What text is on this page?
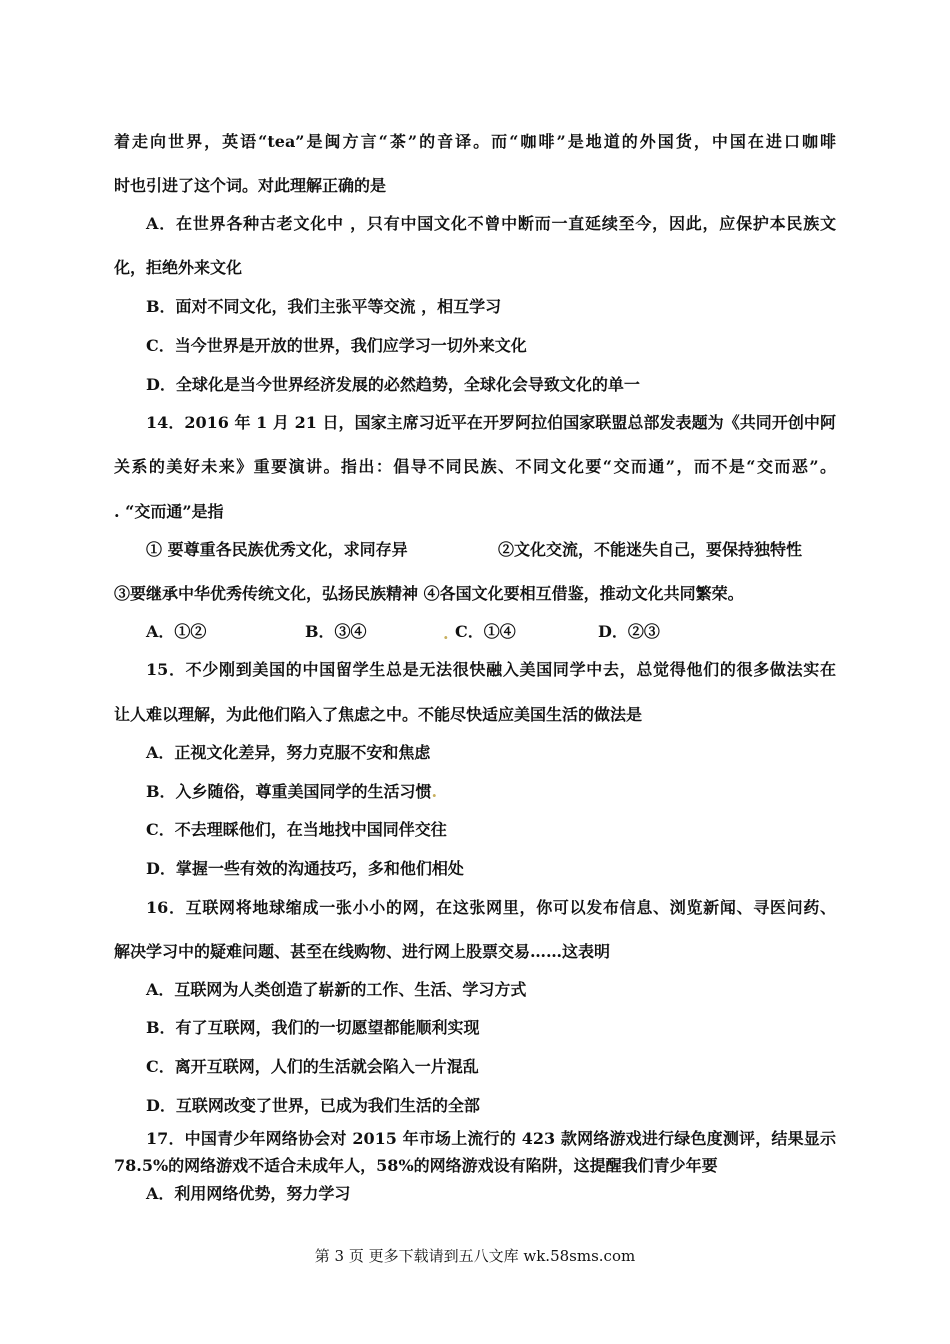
着走向世界，英语“tea”是闽方言“茶”的音译。而“咖啡”是地道的外国货，中国在进口咖啡
时也引进了这个词。对此理解正确的是
A．在世界各种古老文化中 ，只有中国文化不曾中断而一直延续至今，因此，应保护本民族文
化，拒绝外来文化
B．面对不同文化，我们主张平等交流 ，相互学习
C．当今世界是开放的世界，我们应学习一切外来文化
D．全球化是当今世界经济发展的必然趋势，全球化会导致文化的单一
14．2016 年 1 月 21 日，国家主席习近平在开罗阿拉伯国家联盟总部发表题为《共同开创中阿
关系的美好未来》重要演讲。指出：倡导不同民族、不同文化要“交而通”，而不是“交而恶”。
. “交而通”是指
① 要尊重各民族优秀文化，求同存异	②文化交流，不能迷失自己，要保持独特性
③要继承中华优秀传统文化，弘扬民族精神 ④各国文化要相互借鉴，推动文化共同繁荣。
A．①②	B．③④	. C．①④	D．②③
15．不少刚到美国的中国留学生总是无法很快融入美国同学中去，总觉得他们的很多做法实在
让人难以理解，为此他们陷入了焦虑之中。不能尽快适应美国生活的做法是
A．正视文化差异，努力克服不安和焦虑
B．入乡随俗，尊重美国同学的生活习惯.
C．不去理睬他们，在当地找中国同伴交往
D．掌握一些有效的沟通技巧，多和他们相处
16．互联网将地球缩成一张小小的网，在这张网里，你可以发布信息、浏览新闻、寻医问药、
解决学习中的疑难问题、甚至在线购物、进行网上股票交易……这表明
A．互联网为人类创造了崭新的工作、生活、学习方式
B．有了互联网，我们的一切愿望都能顺利实现
C．离开互联网，人们的生活就会陷入一片混乱
D．互联网改变了世界，已成为我们生活的全部
17．中国青少年网络协会对 2015 年市场上流行的 423 款网络游戏进行绿色度测评，结果显示
78.5%的网络游戏不适合未成年人，58%的网络游戏设有陷阱，这提醒我们青少年要
A．利用网络优势，努力学习
第 3 页 更多下载请到五八文库 wk.58sms.com
